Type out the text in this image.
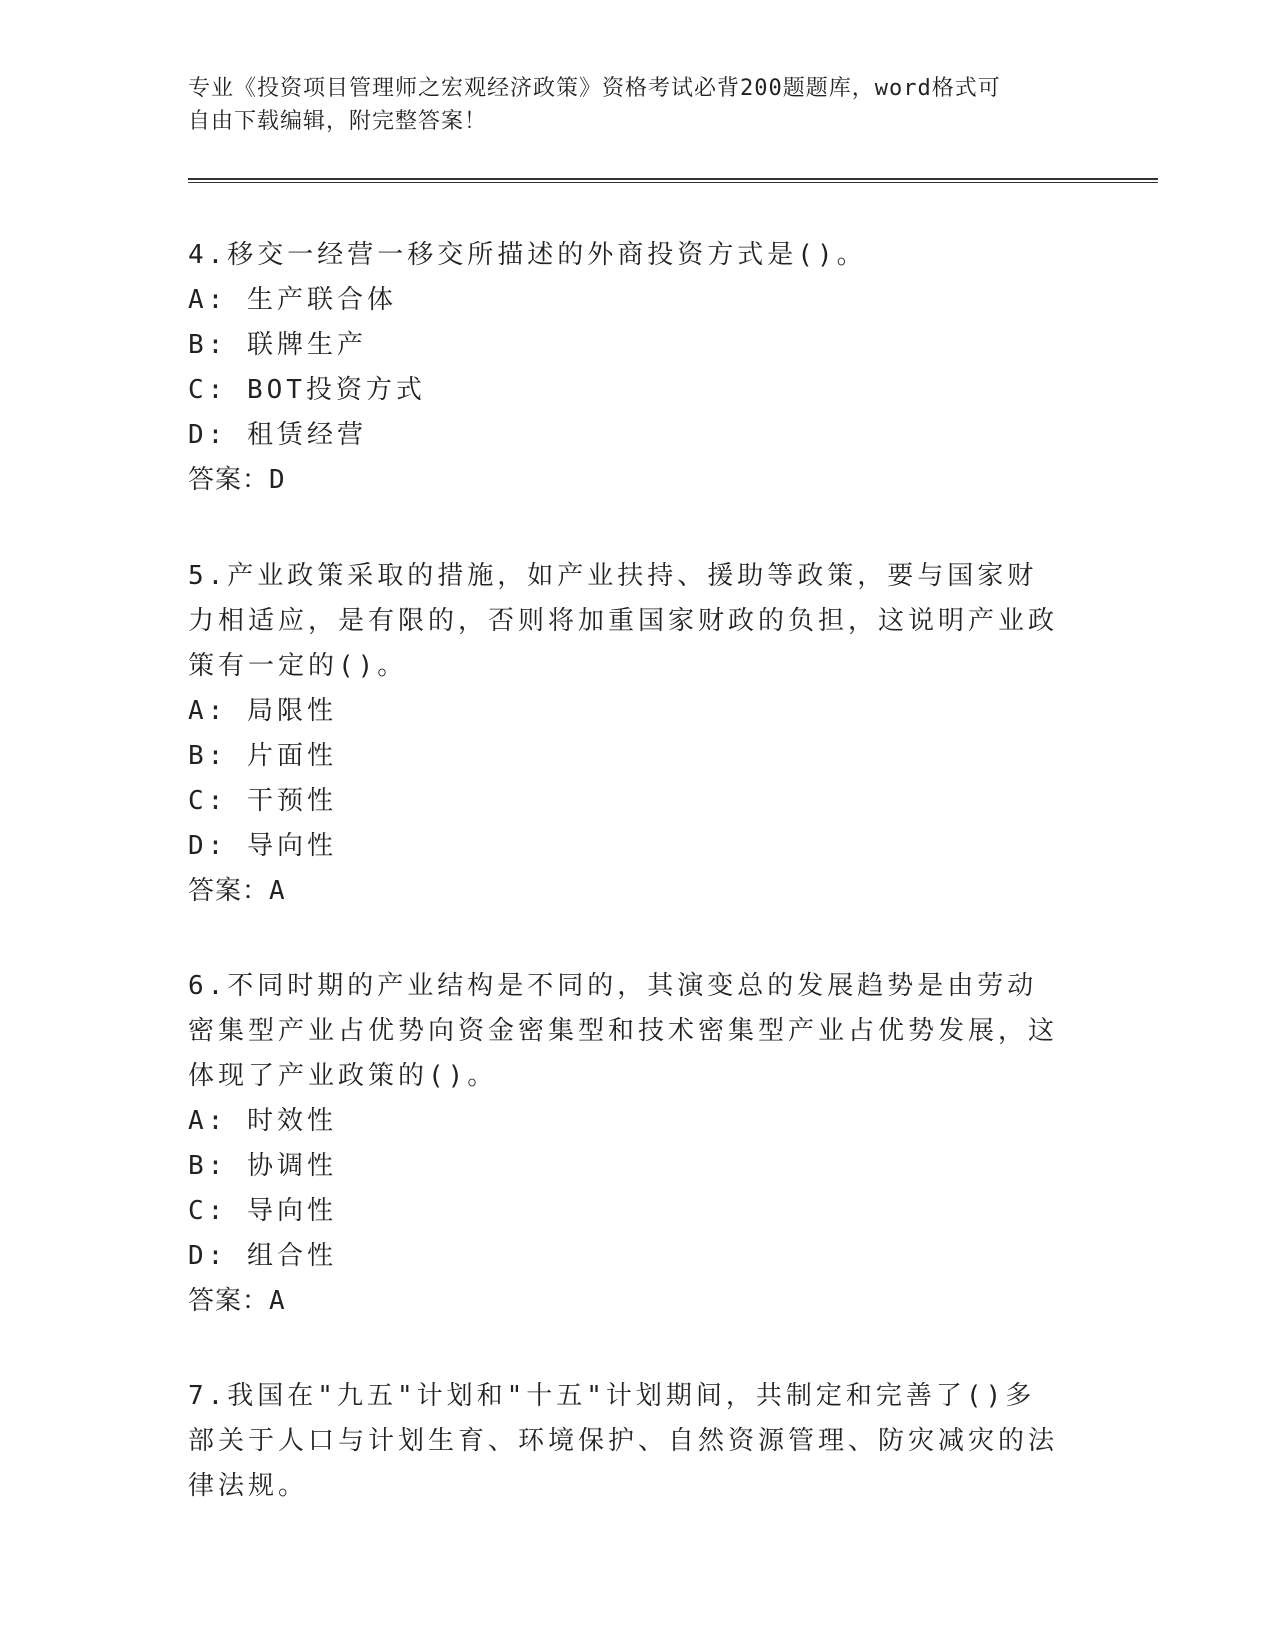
专业《投资项目管理师之宏观经济政策》资格考试必背200题题库，word格式可
自由下载编辑，附完整答案！

4.移交一经营一移交所描述的外商投资方式是()。

A: 生产联合体

B: 联牌生产

C: BOT投资方式

D: 租赁经营

答案：D

5.产业政策采取的措施，如产业扶持、援助等政策，要与国家财力相适应，是有限的，否则将加重国家财政的负担，这说明产业政策有一定的()。

A: 局限性

B: 片面性

C: 干预性

D: 导向性

答案：A

6.不同时期的产业结构是不同的，其演变总的发展趋势是由劳动密集型产业占优势向资金密集型和技术密集型产业占优势发展，这体现了产业政策的()。

A: 时效性

B: 协调性

C: 导向性

D: 组合性

答案：A

7.我国在"九五"计划和"十五"计划期间，共制定和完善了()多部关于人口与计划生育、环境保护、自然资源管理、防灾减灾的法律法规。
